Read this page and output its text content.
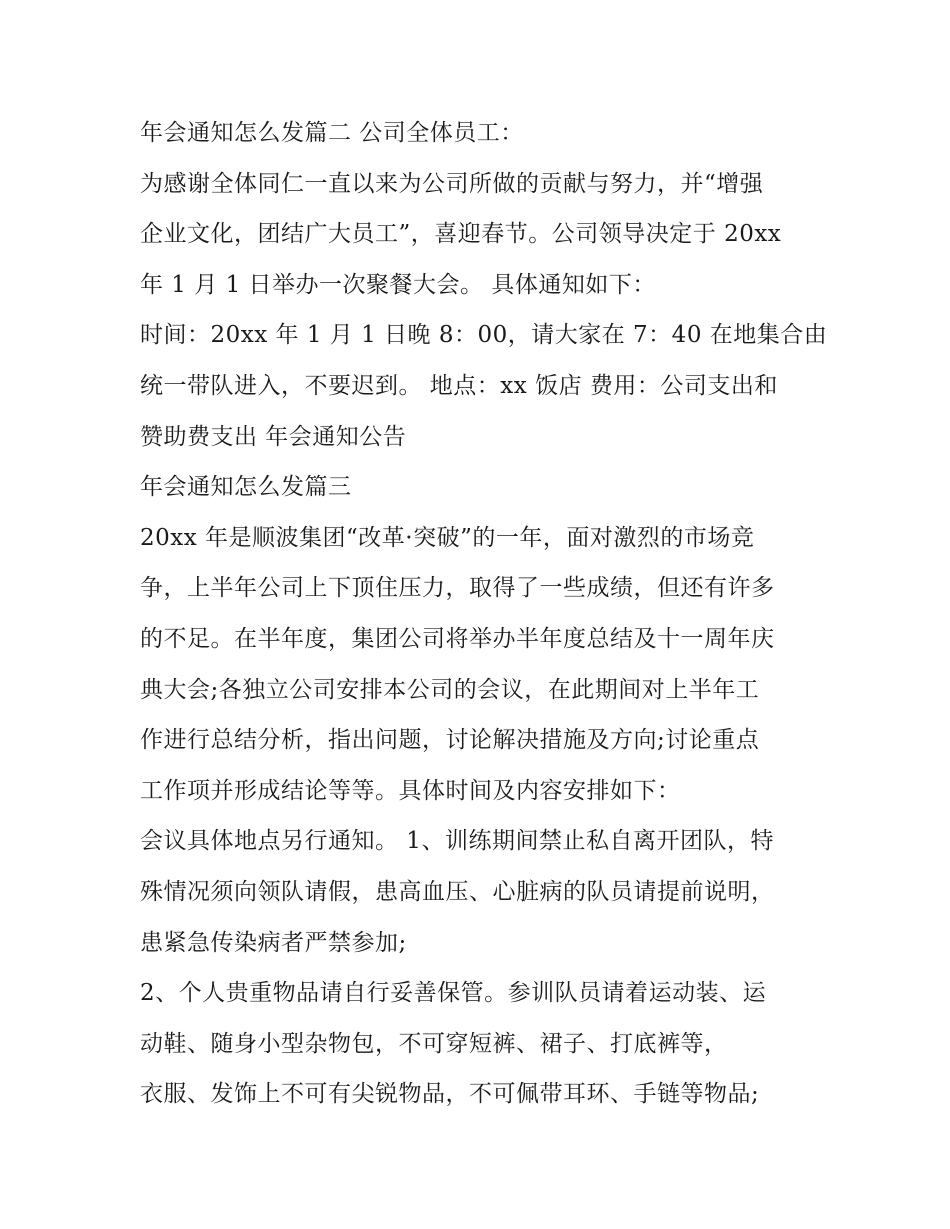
年会通知怎么发篇二 公司全体员工：
为感谢全体同仁一直以来为公司所做的贡献与努力，并“增强
企业文化，团结广大员工”，喜迎春节。公司领导决定于 20xx
年 1 月 1 日举办一次聚餐大会。 具体通知如下：
时间：20xx 年 1 月 1 日晚 8：00，请大家在 7：40 在地集合由
统一带队进入，不要迟到。 地点：xx 饭店 费用：公司支出和
赞助费支出 年会通知公告
年会通知怎么发篇三
20xx 年是顺波集团“改革·突破”的一年，面对激烈的市场竞
争，上半年公司上下顶住压力，取得了一些成绩，但还有许多
的不足。在半年度，集团公司将举办半年度总结及十一周年庆
典大会;各独立公司安排本公司的会议，在此期间对上半年工
作进行总结分析，指出问题，讨论解决措施及方向;讨论重点
工作项并形成结论等等。具体时间及内容安排如下：
会议具体地点另行通知。 1、训练期间禁止私自离开团队，特
殊情况须向领队请假，患高血压、心脏病的队员请提前说明，
患紧急传染病者严禁参加;
2、个人贵重物品请自行妥善保管。参训队员请着运动装、运
动鞋、随身小型杂物包，不可穿短裤、裙子、打底裤等，
衣服、发饰上不可有尖锐物品，不可佩带耳环、手链等物品;
